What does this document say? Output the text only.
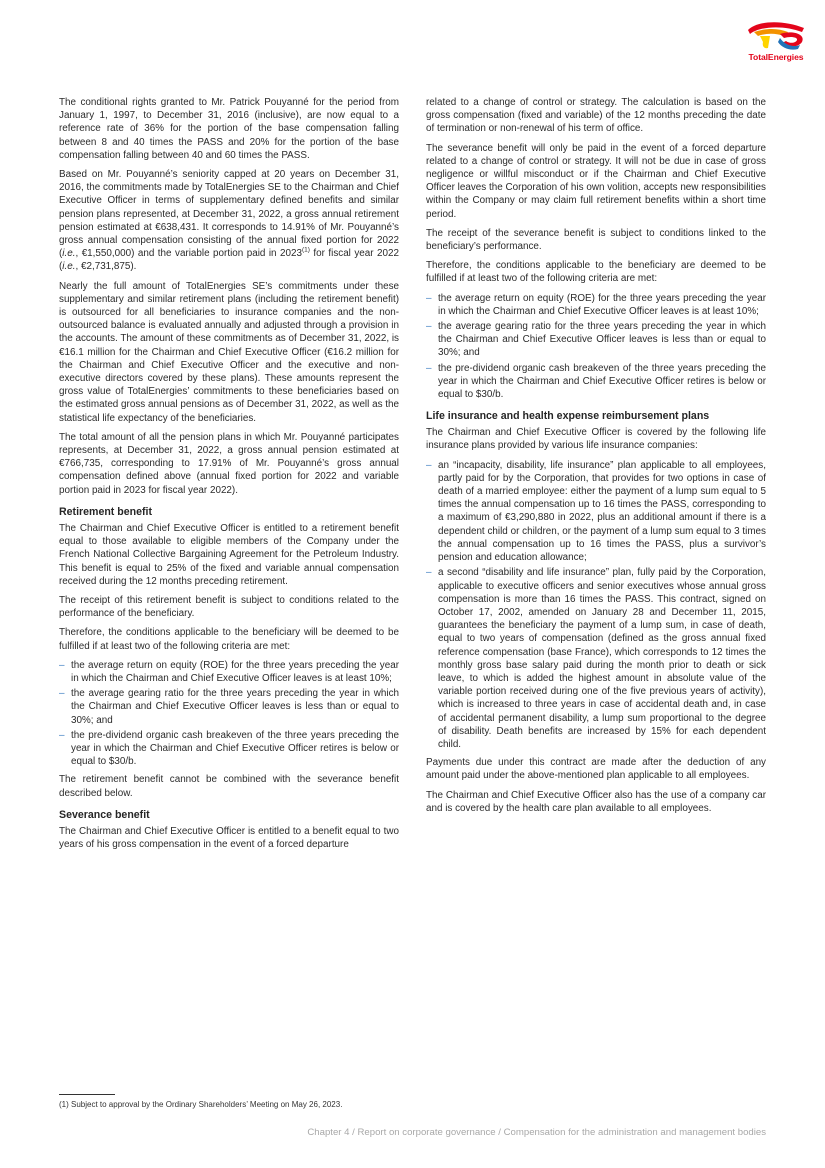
TotalEnergies

The conditional rights granted to Mr. Patrick Pouyanné for the period from January 1, 1997, to December 31, 2016 (inclusive), are now equal to a reference rate of 36% for the portion of the base compensation falling between 8 and 40 times the PASS and 20% for the portion of the base compensation falling between 40 and 60 times the PASS.

Based on Mr. Pouyanné’s seniority capped at 20 years on December 31, 2016, the commitments made by TotalEnergies SE to the Chairman and Chief Executive Officer in terms of supplementary defined benefits and similar pension plans represented, at December 31, 2022, a gross annual retirement pension estimated at €638,431. It corresponds to 14.91% of Mr. Pouyanné’s gross annual compensation consisting of the annual fixed portion for 2022 (i.e., €1,550,000) and the variable portion paid in 2023$^{(1)}$ for fiscal year 2022 (i.e., €2,731,875).

Nearly the full amount of TotalEnergies SE’s commitments under these supplementary and similar retirement plans (including the retirement benefit) is outsourced for all beneficiaries to insurance companies and the non-outsourced balance is evaluated annually and adjusted through a provision in the accounts. The amount of these commitments as of December 31, 2022, is €16.1 million for the Chairman and Chief Executive Officer (€16.2 million for the Chairman and Chief Executive Officer and the executive and non-executive directors covered by these plans). These amounts represent the gross value of TotalEnergies’ commitments to these beneficiaries based on the estimated gross annual pensions as of December 31, 2022, as well as the statistical life expectancy of the beneficiaries.

The total amount of all the pension plans in which Mr. Pouyanné participates represents, at December 31, 2022, a gross annual pension estimated at €766,735, corresponding to 17.91% of Mr. Pouyanné’s gross annual compensation defined above (annual fixed portion for 2022 and variable portion paid in 2023 for fiscal year 2022).

Retirement benefit

The Chairman and Chief Executive Officer is entitled to a retirement benefit equal to those available to eligible members of the Company under the French National Collective Bargaining Agreement for the Petroleum Industry. This benefit is equal to 25% of the fixed and variable annual compensation received during the 12 months preceding retirement.

The receipt of this retirement benefit is subject to conditions related to the performance of the beneficiary.

Therefore, the conditions applicable to the beneficiary will be deemed to be fulfilled if at least two of the following criteria are met:

– the average return on equity (ROE) for the three years preceding the year in which the Chairman and Chief Executive Officer leaves is at least 10%;
– the average gearing ratio for the three years preceding the year in which the Chairman and Chief Executive Officer leaves is less than or equal to 30%; and
– the pre-dividend organic cash breakeven of the three years preceding the year in which the Chairman and Chief Executive Officer retires is below or equal to $30/b.

The retirement benefit cannot be combined with the severance benefit described below.

Severance benefit

The Chairman and Chief Executive Officer is entitled to a benefit equal to two years of his gross compensation in the event of a forced departure

related to a change of control or strategy. The calculation is based on the gross compensation (fixed and variable) of the 12 months preceding the date of termination or non-renewal of his term of office.

The severance benefit will only be paid in the event of a forced departure related to a change of control or strategy. It will not be due in case of gross negligence or willful misconduct or if the Chairman and Chief Executive Officer leaves the Corporation of his own volition, accepts new responsibilities within the Company or may claim full retirement benefits within a short time period.

The receipt of the severance benefit is subject to conditions linked to the beneficiary’s performance.

Therefore, the conditions applicable to the beneficiary are deemed to be fulfilled if at least two of the following criteria are met:

– the average return on equity (ROE) for the three years preceding the year in which the Chairman and Chief Executive Officer leaves is at least 10%;
– the average gearing ratio for the three years preceding the year in which the Chairman and Chief Executive Officer leaves is less than or equal to 30%; and
– the pre-dividend organic cash breakeven of the three years preceding the year in which the Chairman and Chief Executive Officer retires is below or equal to $30/b.
Life insurance and health expense reimbursement plans

The Chairman and Chief Executive Officer is covered by the following life insurance plans provided by various life insurance companies:

– an “incapacity, disability, life insurance” plan applicable to all employees, partly paid for by the Corporation, that provides for two options in case of death of a married employee: either the payment of a lump sum equal to 5 times the annual compensation up to 16 times the PASS, corresponding to a maximum of €3,290,880 in 2022, plus an additional amount if there is a dependent child or children, or the payment of a lump sum equal to 3 times the annual compensation up to 16 times the PASS, plus a survivor’s pension and education allowance;
– a second “disability and life insurance” plan, fully paid by the Corporation, applicable to executive officers and senior executives whose annual gross compensation is more than 16 times the PASS. This contract, signed on October 17, 2002, amended on January 28 and December 11, 2015, guarantees the beneficiary the payment of a lump sum, in case of death, equal to two years of compensation (defined as the gross annual fixed reference compensation (base France), which corresponds to 12 times the monthly gross base salary paid during the month prior to death or sick leave, to which is added the highest amount in absolute value of the variable portion received during one of the five previous years of activity), which is increased to three years in case of accidental death and, in case of accidental permanent disability, a lump sum proportional to the degree of disability. Death benefits are increased by 15% for each dependent child.

Payments due under this contract are made after the deduction of any amount paid under the above-mentioned plan applicable to all employees.

The Chairman and Chief Executive Officer also has the use of a company car and is covered by the health care plan available to all employees.

(1) Subject to approval by the Ordinary Shareholders’ Meeting on May 26, 2023.
Chapter 4 / Report on corporate governance / Compensation for the administration and management bodies
